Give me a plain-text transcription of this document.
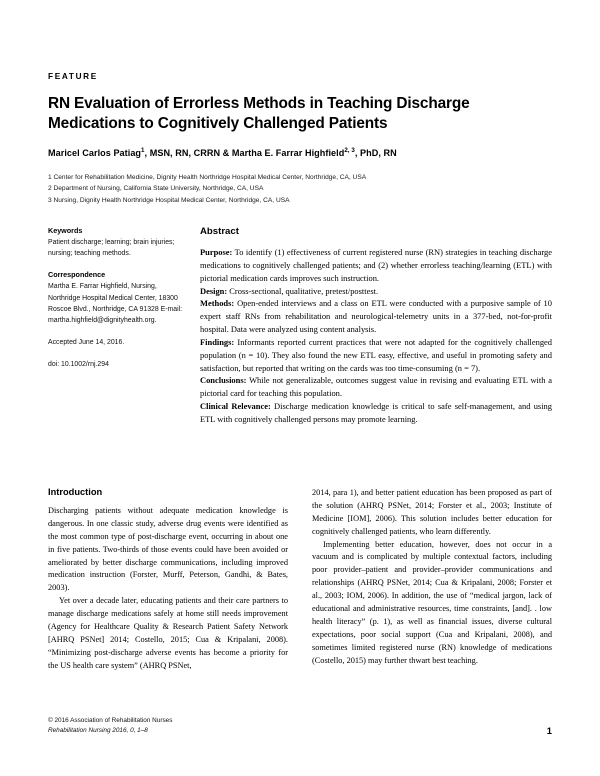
FEATURE
RN Evaluation of Errorless Methods in Teaching Discharge Medications to Cognitively Challenged Patients
Maricel Carlos Patiag$^1$, MSN, RN, CRRN & Martha E. Farrar Highfield$^{2, 3}$, PhD, RN

1 Center for Rehabilitation Medicine, Dignity Health Northridge Hospital Medical Center, Northridge, CA, USA

2 Department of Nursing, California State University, Northridge, CA, USA

3 Nursing, Dignity Health Northridge Hospital Medical Center, Northridge, CA, USA

Keywords

Patient discharge; learning; brain injuries; nursing; teaching methods.

Correspondence

Martha E. Farrar Highfield, Nursing, Northridge Hospital Medical Center, 18300 Roscoe Blvd., Northridge, CA 91328 E-mail: martha.highfield@dignityhealth.org.

Accepted June 14, 2016.

doi: 10.1002/rnj.294

Abstract

Purpose: To identify (1) effectiveness of current registered nurse (RN) strategies in teaching discharge medications to cognitively challenged patients; and (2) whether errorless teaching/learning (ETL) with pictorial medication cards improves such instruction.

Design: Cross-sectional, qualitative, pretest/posttest.

Methods: Open-ended interviews and a class on ETL were conducted with a purposive sample of 10 expert staff RNs from rehabilitation and neurological-telemetry units in a 377-bed, not-for-profit hospital. Data were analyzed using content analysis.

Findings: Informants reported current practices that were not adapted for the cognitively challenged population (n = 10). They also found the new ETL easy, effective, and useful in promoting safety and satisfaction, but reported that writing on the cards was too time-consuming (n = 7).

Conclusions: While not generalizable, outcomes suggest value in revising and evaluating ETL with a pictorial card for teaching this population.

Clinical Relevance: Discharge medication knowledge is critical to safe self-management, and using ETL with cognitively challenged persons may promote learning.

Introduction

Discharging patients without adequate medication knowledge is dangerous. In one classic study, adverse drug events were identified as the most common type of post-discharge event, occurring in about one in five patients. Two-thirds of those events could have been avoided or ameliorated by better discharge communications, including improved medication instruction (Forster, Murff, Peterson, Gandhi, & Bates, 2003).

Yet over a decade later, educating patients and their care partners to manage discharge medications safely at home still needs improvement (Agency for Healthcare Quality & Research Patient Safety Network [AHRQ PSNet] 2014; Costello, 2015; Cua & Kripalani, 2008). “Minimizing post-discharge adverse events has become a priority for the US health care system” (AHRQ PSNet,

2014, para 1), and better patient education has been proposed as part of the solution (AHRQ PSNet, 2014; Forster et al., 2003; Institute of Medicine [IOM], 2006). This solution includes better education for cognitively challenged patients, who learn differently.

Implementing better education, however, does not occur in a vacuum and is complicated by multiple contextual factors, including poor provider–patient and provider–provider communications and relationships (AHRQ PSNet, 2014; Cua & Kripalani, 2008; Forster et al., 2003; IOM, 2006). In addition, the use of “medical jargon, lack of educational and administrative resources, time constraints, [and]. . low health literacy” (p. 1), as well as financial issues, diverse cultural expectations, poor social support (Cua and Kripalani, 2008), and sometimes limited registered nurse (RN) knowledge of medications (Costello, 2015) may further thwart best teaching.

© 2016 Association of Rehabilitation Nurses

Rehabilitation Nursing 2016, 0, 1–8	1
